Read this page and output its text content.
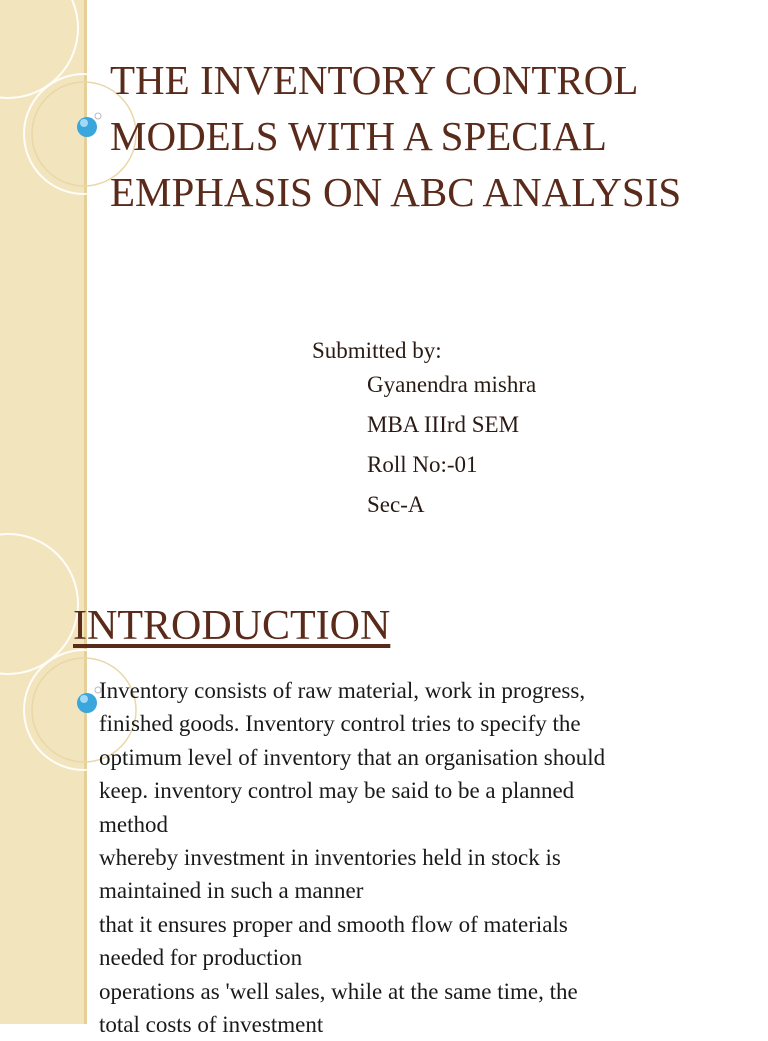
THE INVENTORY CONTROL MODELS WITH A SPECIAL EMPHASIS ON ABC ANALYSIS
Submitted by:
Gyanendra mishra
MBA IIIrd SEM
Roll No:-01
Sec-A
INTRODUCTION
Inventory consists of raw material, work in progress,
finished goods. Inventory control tries to specify the
optimum level of inventory that an organisation should
keep. inventory control may be said to be a planned
method
whereby investment in inventories held in stock is
maintained in such a manner
that it ensures proper and smooth flow of materials
needed for production
operations as 'well sales, while at the same time, the
total costs of investment
